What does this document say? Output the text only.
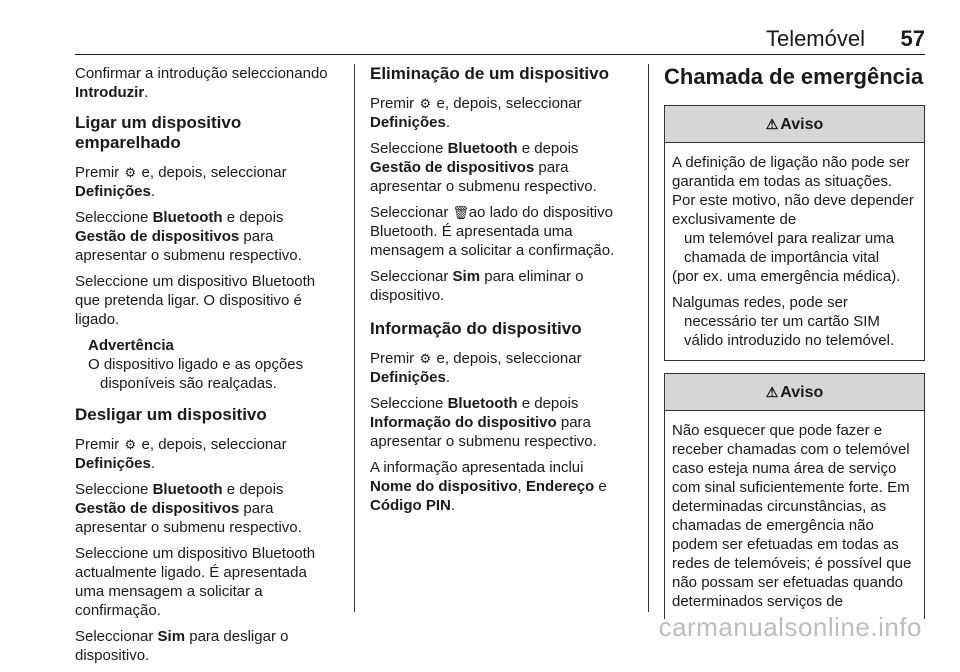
Telemóvel 57

Confirmar a introdução seleccionando Introduzir.

Ligar um dispositivo emparelhado

Premir ⚙ e, depois, seleccionar
Definições.

Seleccione Bluetooth e depois
Gestão de dispositivos para apresentar o submenu respectivo.

Seleccione um dispositivo Bluetooth que pretenda ligar. O dispositivo é ligado.

Advertência

O dispositivo ligado e as opções disponíveis são realçadas.

Desligar um dispositivo

Premir ⚙ e, depois, seleccionar
Definições.

Seleccione Bluetooth e depois
Gestão de dispositivos para apresentar o submenu respectivo.

Seleccione um dispositivo Bluetooth actualmente ligado. É apresentada uma mensagem a solicitar a confirmação.

Seleccionar Sim para desligar o dispositivo.

Eliminação de um dispositivo

Premir ⚙ e, depois, seleccionar
Definições.

Seleccione Bluetooth e depois
Gestão de dispositivos para apresentar o submenu respectivo.

Seleccionar 🗑 ao lado do dispositivo Bluetooth. É apresentada uma mensagem a solicitar a confirmação.

Seleccionar Sim para eliminar o dispositivo.

Informação do dispositivo

Premir ⚙ e, depois, seleccionar
Definições.

Seleccione Bluetooth e depois
Informação do dispositivo para apresentar o submenu respectivo.

A informação apresentada inclui
Nome do dispositivo, Endereço e
Código PIN.

Chamada de emergência
⚠ Aviso

A definição de ligação não pode ser garantida em todas as situações. Por este motivo, não deve depender exclusivamente de

um telemóvel para realizar uma
chamada de importância vital
(por ex. uma emergência médica).
Nalgumas redes, pode ser
necessário ter um cartão SIM
válido introduzido no telemóvel.
⚠ Aviso

Não esquecer que pode fazer e receber chamadas com o telemóvel caso esteja numa área de serviço com sinal suficientemente forte. Em determinadas circunstâncias, as chamadas de emergência não podem ser efetuadas em todas as redes de telemóveis; é possível que não possam ser efetuadas quando determinados serviços de

carmanualsonline.info
